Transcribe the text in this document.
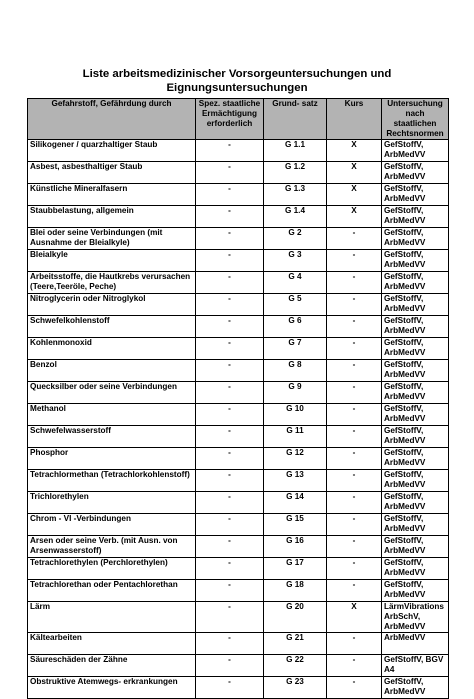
Liste arbeitsmedizinischer Vorsorgeuntersuchungen und
Eignungsuntersuchungen
Gefahrstoff, Gefährdung durch	Spez. staatliche Ermächtigung erforderlich	Grund- satz	Kurs	Untersuchung nach staatlichen Rechtsnormen
Silikogener / quarzhaltiger Staub	-	G 1.1	X	GefStoffV, ArbMedVV
Asbest, asbesthaltiger Staub	-	G 1.2	X	GefStoffV, ArbMedVV
Künstliche Mineralfasern	-	G 1.3	X	GefStoffV, ArbMedVV
Staubbelastung, allgemein	-	G 1.4	X	GefStoffV, ArbMedVV
Blei oder seine Verbindungen (mit Ausnahme der Bleialkyle)	-	G 2	-	GefStoffV, ArbMedVV
Bleialkyle	-	G 3	-	GefStoffV, ArbMedVV
Arbeitsstoffe, die Hautkrebs verursachen (Teere,Teeröle, Peche)	-	G 4	-	GefStoffV, ArbMedVV
Nitroglycerin oder Nitroglykol	-	G 5	-	GefStoffV, ArbMedVV
Schwefelkohlenstoff	-	G 6	-	GefStoffV, ArbMedVV
Kohlenmonoxid	-	G 7	-	GefStoffV, ArbMedVV
Benzol	-	G 8	-	GefStoffV, ArbMedVV
Quecksilber oder seine Verbindungen	-	G 9	-	GefStoffV, ArbMedVV
Methanol	-	G 10	-	GefStoffV, ArbMedVV
Schwefelwasserstoff	-	G 11	-	GefStoffV, ArbMedVV
Phosphor	-	G 12	-	GefStoffV, ArbMedVV
Tetrachlormethan (Tetrachlorkohlenstoff)	-	G 13	-	GefStoffV, ArbMedVV
Trichlorethylen	-	G 14	-	GefStoffV, ArbMedVV
Chrom - VI -Verbindungen	-	G 15	-	GefStoffV, ArbMedVV
Arsen oder seine Verb. (mit Ausn. von Arsenwasserstoff)	-	G 16	-	GefStoffV, ArbMedVV
Tetrachlorethylen (Perchlorethylen)	-	G 17	-	GefStoffV, ArbMedVV
Tetrachlorethan oder Pentachlorethan	-	G 18	-	GefStoffV, ArbMedVV
Lärm	-	G 20	X	LärmVibrations ArbSchV, ArbMedVV
Kältearbeiten	-	G 21	-	ArbMedVV
Säureschäden der Zähne	-	G 22	-	GefStoffV, BGV A4
Obstruktive Atemwegs- erkrankungen	-	G 23	-	GefStoffV, ArbMedVV
